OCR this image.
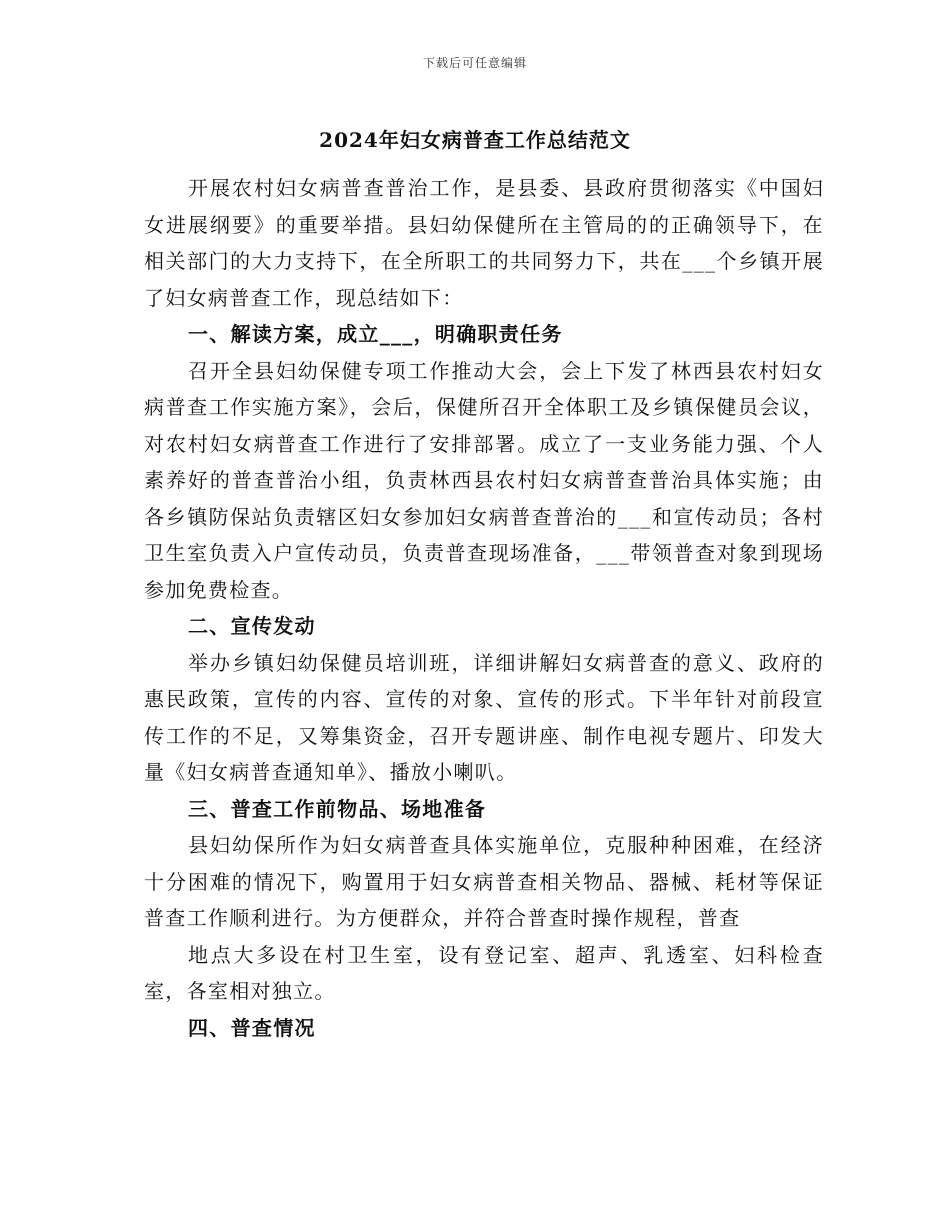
下载后可任意编辑
2024年妇女病普查工作总结范文

开展农村妇女病普查普治工作，是县委、县政府贯彻落实《中国妇女进展纲要》的重要举措。县妇幼保健所在主管局的的正确领导下，在相关部门的大力支持下，在全所职工的共同努力下，共在___个乡镇开展了妇女病普查工作，现总结如下：

一、解读方案，成立___，明确职责任务

召开全县妇幼保健专项工作推动大会，会上下发了林西县农村妇女病普查工作实施方案》，会后，保健所召开全体职工及乡镇保健员会议，对农村妇女病普查工作进行了安排部署。成立了一支业务能力强、个人素养好的普查普治小组，负责林西县农村妇女病普查普治具体实施；由各乡镇防保站负责辖区妇女参加妇女病普查普治的___和宣传动员；各村卫生室负责入户宣传动员，负责普查现场准备，___带领普查对象到现场参加免费检查。

二、宣传发动

举办乡镇妇幼保健员培训班，详细讲解妇女病普查的意义、政府的惠民政策，宣传的内容、宣传的对象、宣传的形式。下半年针对前段宣传工作的不足，又筹集资金，召开专题讲座、制作电视专题片、印发大量《妇女病普查通知单》、播放小喇叭。

三、普查工作前物品、场地准备

县妇幼保所作为妇女病普查具体实施单位，克服种种困难，在经济十分困难的情况下，购置用于妇女病普查相关物品、器械、耗材等保证普查工作顺利进行。为方便群众，并符合普查时操作规程，普查

地点大多设在村卫生室，设有登记室、超声、乳透室、妇科检查室，各室相对独立。

四、普查情况
